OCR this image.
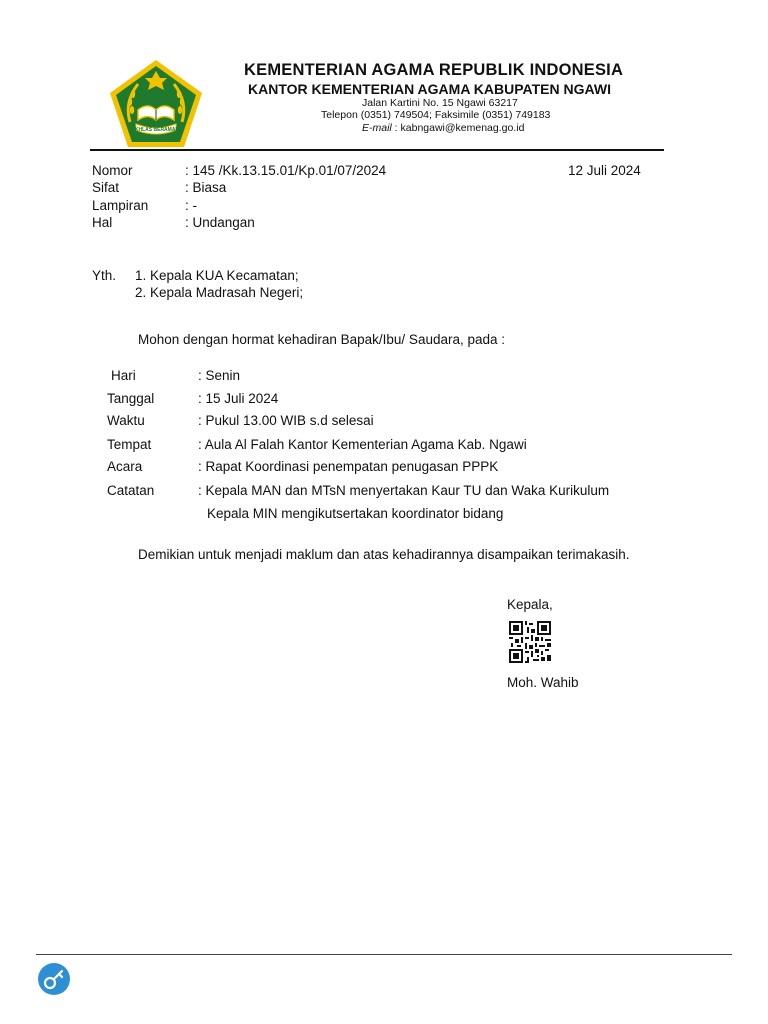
IKHLAS BERAMAL
KEMENTERIAN AGAMA REPUBLIK INDONESIA
KANTOR KEMENTERIAN AGAMA KABUPATEN NGAWI
Jalan Kartini No. 15 Ngawi 63217
Telepon (0351) 749504; Faksimile (0351) 749183
E-mail : kabngawi@kemenag.go.id
Nomor	: 145 /Kk.13.15.01/Kp.01/07/2024	12 Juli 2024
Sifat	: Biasa
Lampiran	: -
Hal	: Undangan
Yth. 1. Kepala KUA Kecamatan;
2. Kepala Madrasah Negeri;
Mohon dengan hormat kehadiran Bapak/Ibu/ Saudara, pada :
Hari	: Senin
Tanggal	: 15 Juli 2024
Waktu	: Pukul 13.00 WIB s.d selesai
Tempat	: Aula Al Falah Kantor Kementerian Agama Kab. Ngawi
Acara	: Rapat Koordinasi penempatan penugasan PPPK
Catatan	: Kepala MAN dan MTsN menyertakan Kaur TU dan Waka Kurikulum
Kepala MIN mengikutsertakan koordinator bidang
Demikian untuk menjadi maklum dan atas kehadirannya disampaikan terimakasih.
Kepala,
Moh. Wahib
